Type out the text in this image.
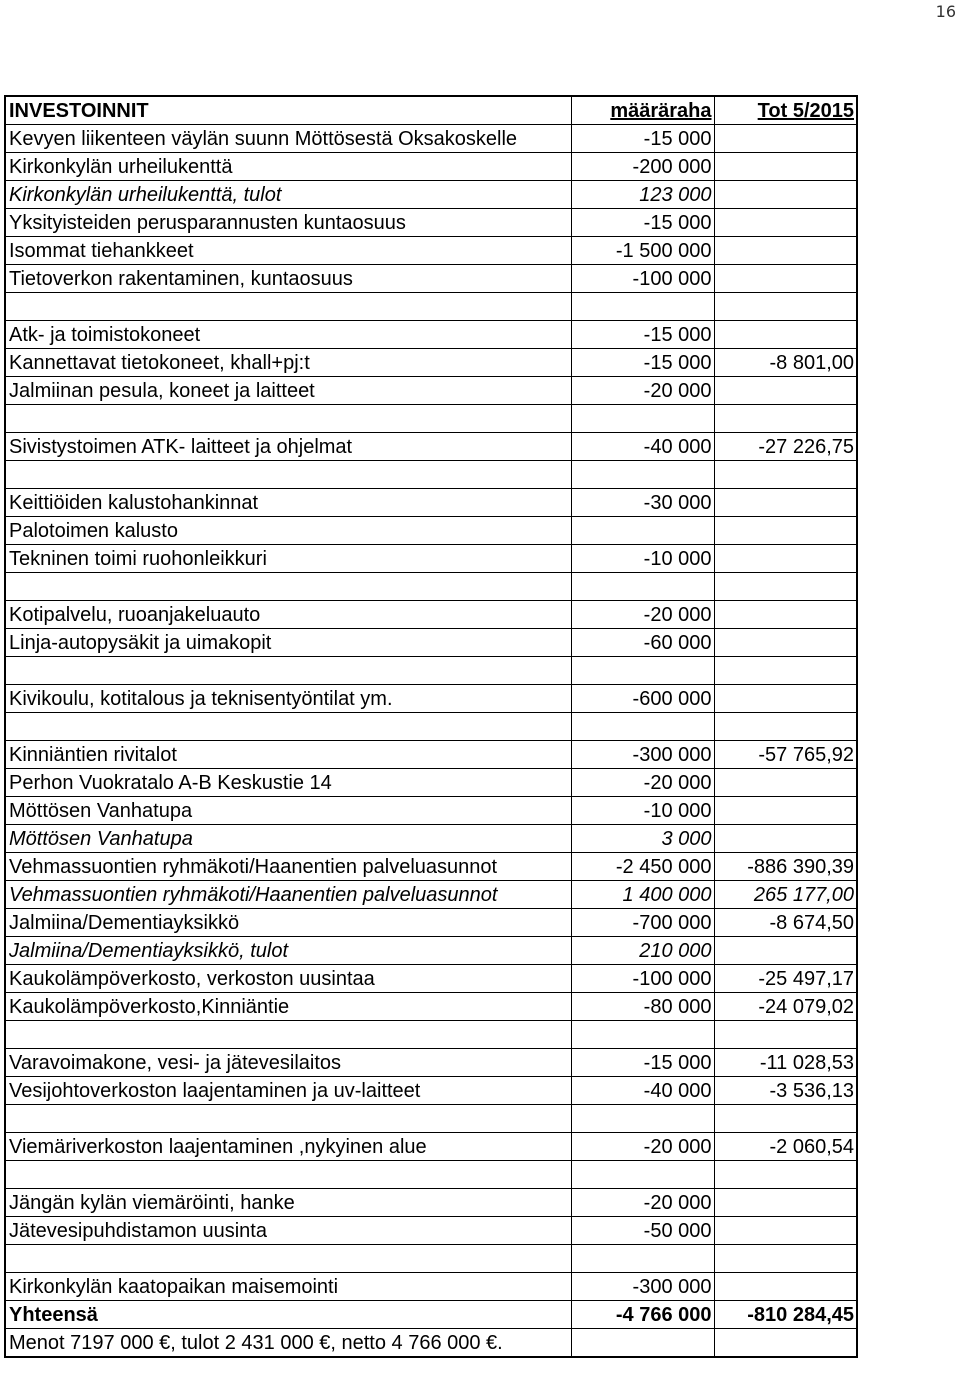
16
INVESTOINNIT	määräraha	Tot 5/2015
Kevyen liikenteen väylän suunn Möttösestä Oksakoskelle	-15 000	
Kirkonkylän urheilukenttä	-200 000	
Kirkonkylän urheilukenttä, tulot	123 000	
Yksityisteiden perusparannusten kuntaosuus	-15 000	
Isommat tiehankkeet	-1 500 000	
Tietoverkon rakentaminen, kuntaosuus	-100 000	

Atk- ja toimistokoneet	-15 000	
Kannettavat tietokoneet, khall+pj:t	-15 000	-8 801,00
Jalmiinan pesula, koneet ja laitteet	-20 000	

Sivistystoimen ATK- laitteet ja ohjelmat	-40 000	-27 226,75

Keittiöiden kalustohankinnat	-30 000	
Palotoimen kalusto		
Tekninen toimi ruohonleikkuri	-10 000	

Kotipalvelu, ruoanjakeluauto	-20 000	
Linja-autopysäkit ja uimakopit	-60 000	

Kivikoulu, kotitalous ja teknisentyöntilat ym.	-600 000	

Kinniäntien rivitalot	-300 000	-57 765,92
Perhon Vuokratalo A-B Keskustie 14	-20 000	
Möttösen Vanhatupa	-10 000	
Möttösen Vanhatupa	3 000	
Vehmassuontien ryhmäkoti/Haanentien palveluasunnot	-2 450 000	-886 390,39
Vehmassuontien ryhmäkoti/Haanentien palveluasunnot	1 400 000	265 177,00
Jalmiina/Dementiayksikkö	-700 000	-8 674,50
Jalmiina/Dementiayksikkö, tulot	210 000	
Kaukolämpöverkosto, verkoston uusintaa	-100 000	-25 497,17
Kaukolämpöverkosto,Kinniäntie	-80 000	-24 079,02

Varavoimakone, vesi- ja jätevesilaitos	-15 000	-11 028,53
Vesijohtoverkoston laajentaminen ja uv-laitteet	-40 000	-3 536,13

Viemäriverkoston laajentaminen ,nykyinen alue	-20 000	-2 060,54

Jängän kylän viemäröinti, hanke	-20 000	
Jätevesipuhdistamon uusinta	-50 000	

Kirkonkylän kaatopaikan maisemointi	-300 000	
Yhteensä	-4 766 000	-810 284,45
Menot 7197 000 €, tulot 2 431 000 €, netto 4 766 000 €.		
